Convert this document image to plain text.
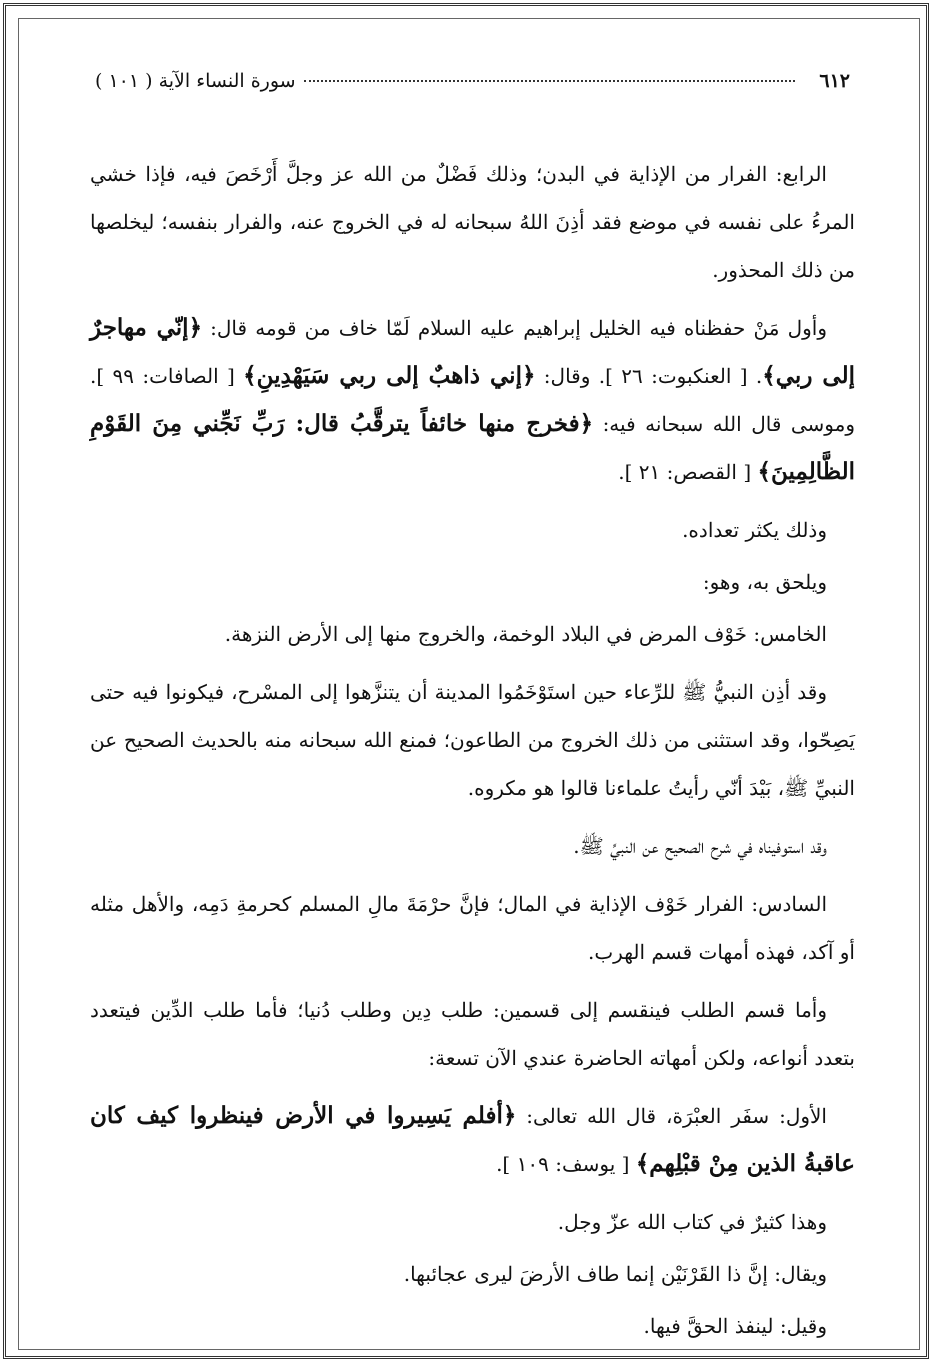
٦١٢
سورة النساء الآية ( ١٠١ )

الرابع: الفرار من الإذاية في البدن؛ وذلك فَضْلٌ من الله عز وجلَّ أَرْخَصَ فيه، فإذا خشي المرءُ على نفسه في موضع فقد أذِنَ اللهُ سبحانه له في الخروج عنه، والفرار بنفسه؛ ليخلصها من ذلك المحذور.

وأول مَنْ حفظناه فيه الخليل إبراهيم عليه السلام لَمّا خاف من قومه قال: ﴿إنّي مهاجرٌ إلى ربي﴾. [ العنكبوت: ٢٦ ]. وقال: ﴿إني ذاهبٌ إلى ربي سَيَهْدِينِ﴾ [ الصافات: ٩٩ ]. وموسى قال الله سبحانه فيه: ﴿فخرج منها خائفاً يترقَّبُ قال: رَبِّ نَجِّني مِنَ القَوْمِ الظَّالِمِينَ﴾ [ القصص: ٢١ ].

وذلك يكثر تعداده.

ويلحق به، وهو:

الخامس: خَوْف المرض في البلاد الوخمة، والخروج منها إلى الأرض النزهة.

وقد أذِن النبيُّ ﷺ للرِّعاء حين استَوْخَمُوا المدينة أن يتنزَّهوا إلى المسْرح، فيكونوا فيه حتى يَصِحّوا، وقد استثنى من ذلك الخروج من الطاعون؛ فمنع الله سبحانه منه بالحديث الصحيح عن النبيِّ ﷺ، بَيْدَ أنّي رأيتُ علماءنا قالوا هو مكروه.

وقد استوفيناه في شرح الصحيح عن النبيِّ ﷺ.

السادس: الفرار خَوْف الإذاية في المال؛ فإنَّ حرْمَةَ مالِ المسلم كحرمةِ دَمِه، والأهل مثله أو آكد، فهذه أمهات قسم الهرب.

وأما قسم الطلب فينقسم إلى قسمين: طلب دِين وطلب دُنيا؛ فأما طلب الدِّين فيتعدد بتعدد أنواعه، ولكن أمهاته الحاضرة عندي الآن تسعة:

الأول: سفَر العبْرَة، قال الله تعالى: ﴿أفلم يَسِيروا في الأرض فينظروا كيف كان عاقبةُ الذين مِنْ قبْلِهم﴾ [ يوسف: ١٠٩ ].

وهذا كثيرٌ في كتاب الله عزّ وجل.

ويقال: إنَّ ذا القَرْنَيْن إنما طاف الأرضَ ليرى عجائبها.

وقيل: لينفذ الحقَّ فيها.
